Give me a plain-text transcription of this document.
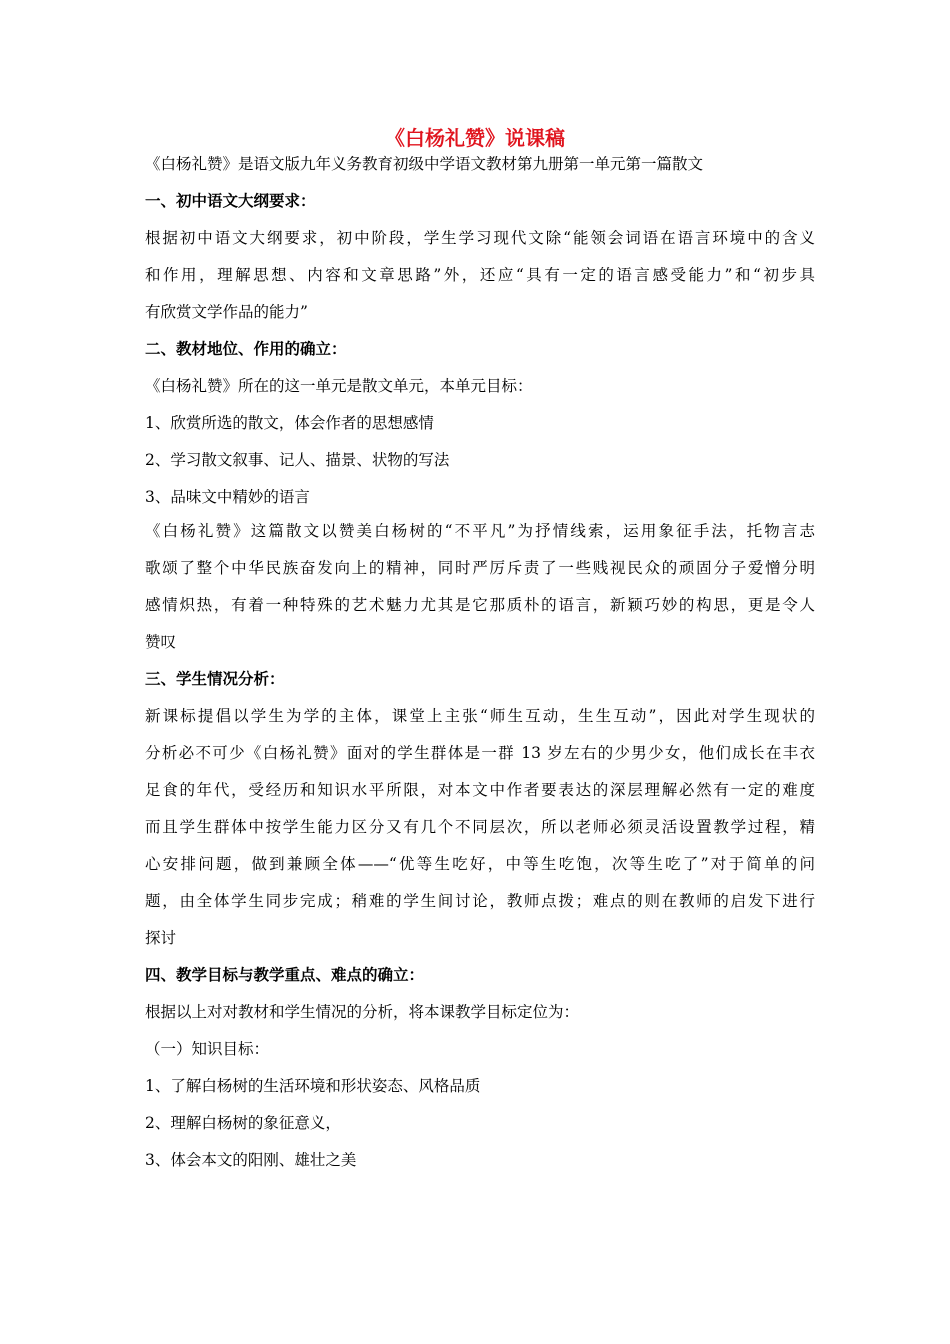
《白杨礼赞》说课稿
《白杨礼赞》是语文版九年义务教育初级中学语文教材第九册第一单元第一篇散文
一、初中语文大纲要求：
根据初中语文大纲要求，初中阶段，学生学习现代文除“能领会词语在语言环境中的含义
和作用，理解思想、内容和文章思路”外，还应“具有一定的语言感受能力”和“初步具
有欣赏文学作品的能力”
二、教材地位、作用的确立：
《白杨礼赞》所在的这一单元是散文单元，本单元目标：
1、欣赏所选的散文，体会作者的思想感情
2、学习散文叙事、记人、描景、状物的写法
3、品味文中精妙的语言
《白杨礼赞》这篇散文以赞美白杨树的“不平凡”为抒情线索，运用象征手法，托物言志
歌颂了整个中华民族奋发向上的精神，同时严厉斥责了一些贱视民众的顽固分子爱憎分明
感情炽热，有着一种特殊的艺术魅力尤其是它那质朴的语言，新颖巧妙的构思，更是令人
赞叹
三、学生情况分析：
新课标提倡以学生为学的主体，课堂上主张“师生互动，生生互动”，因此对学生现状的
分析必不可少《白杨礼赞》面对的学生群体是一群 13 岁左右的少男少女，他们成长在丰衣
足食的年代，受经历和知识水平所限，对本文中作者要表达的深层理解必然有一定的难度
而且学生群体中按学生能力区分又有几个不同层次，所以老师必须灵活设置教学过程，精
心安排问题，做到兼顾全体——“优等生吃好，中等生吃饱，次等生吃了”对于简单的问
题，由全体学生同步完成；稍难的学生间讨论，教师点拨；难点的则在教师的启发下进行
探讨
四、教学目标与教学重点、难点的确立：
根据以上对对教材和学生情况的分析，将本课教学目标定位为：
（一）知识目标：
1、了解白杨树的生活环境和形状姿态、风格品质
2、理解白杨树的象征意义，
3、体会本文的阳刚、雄壮之美
